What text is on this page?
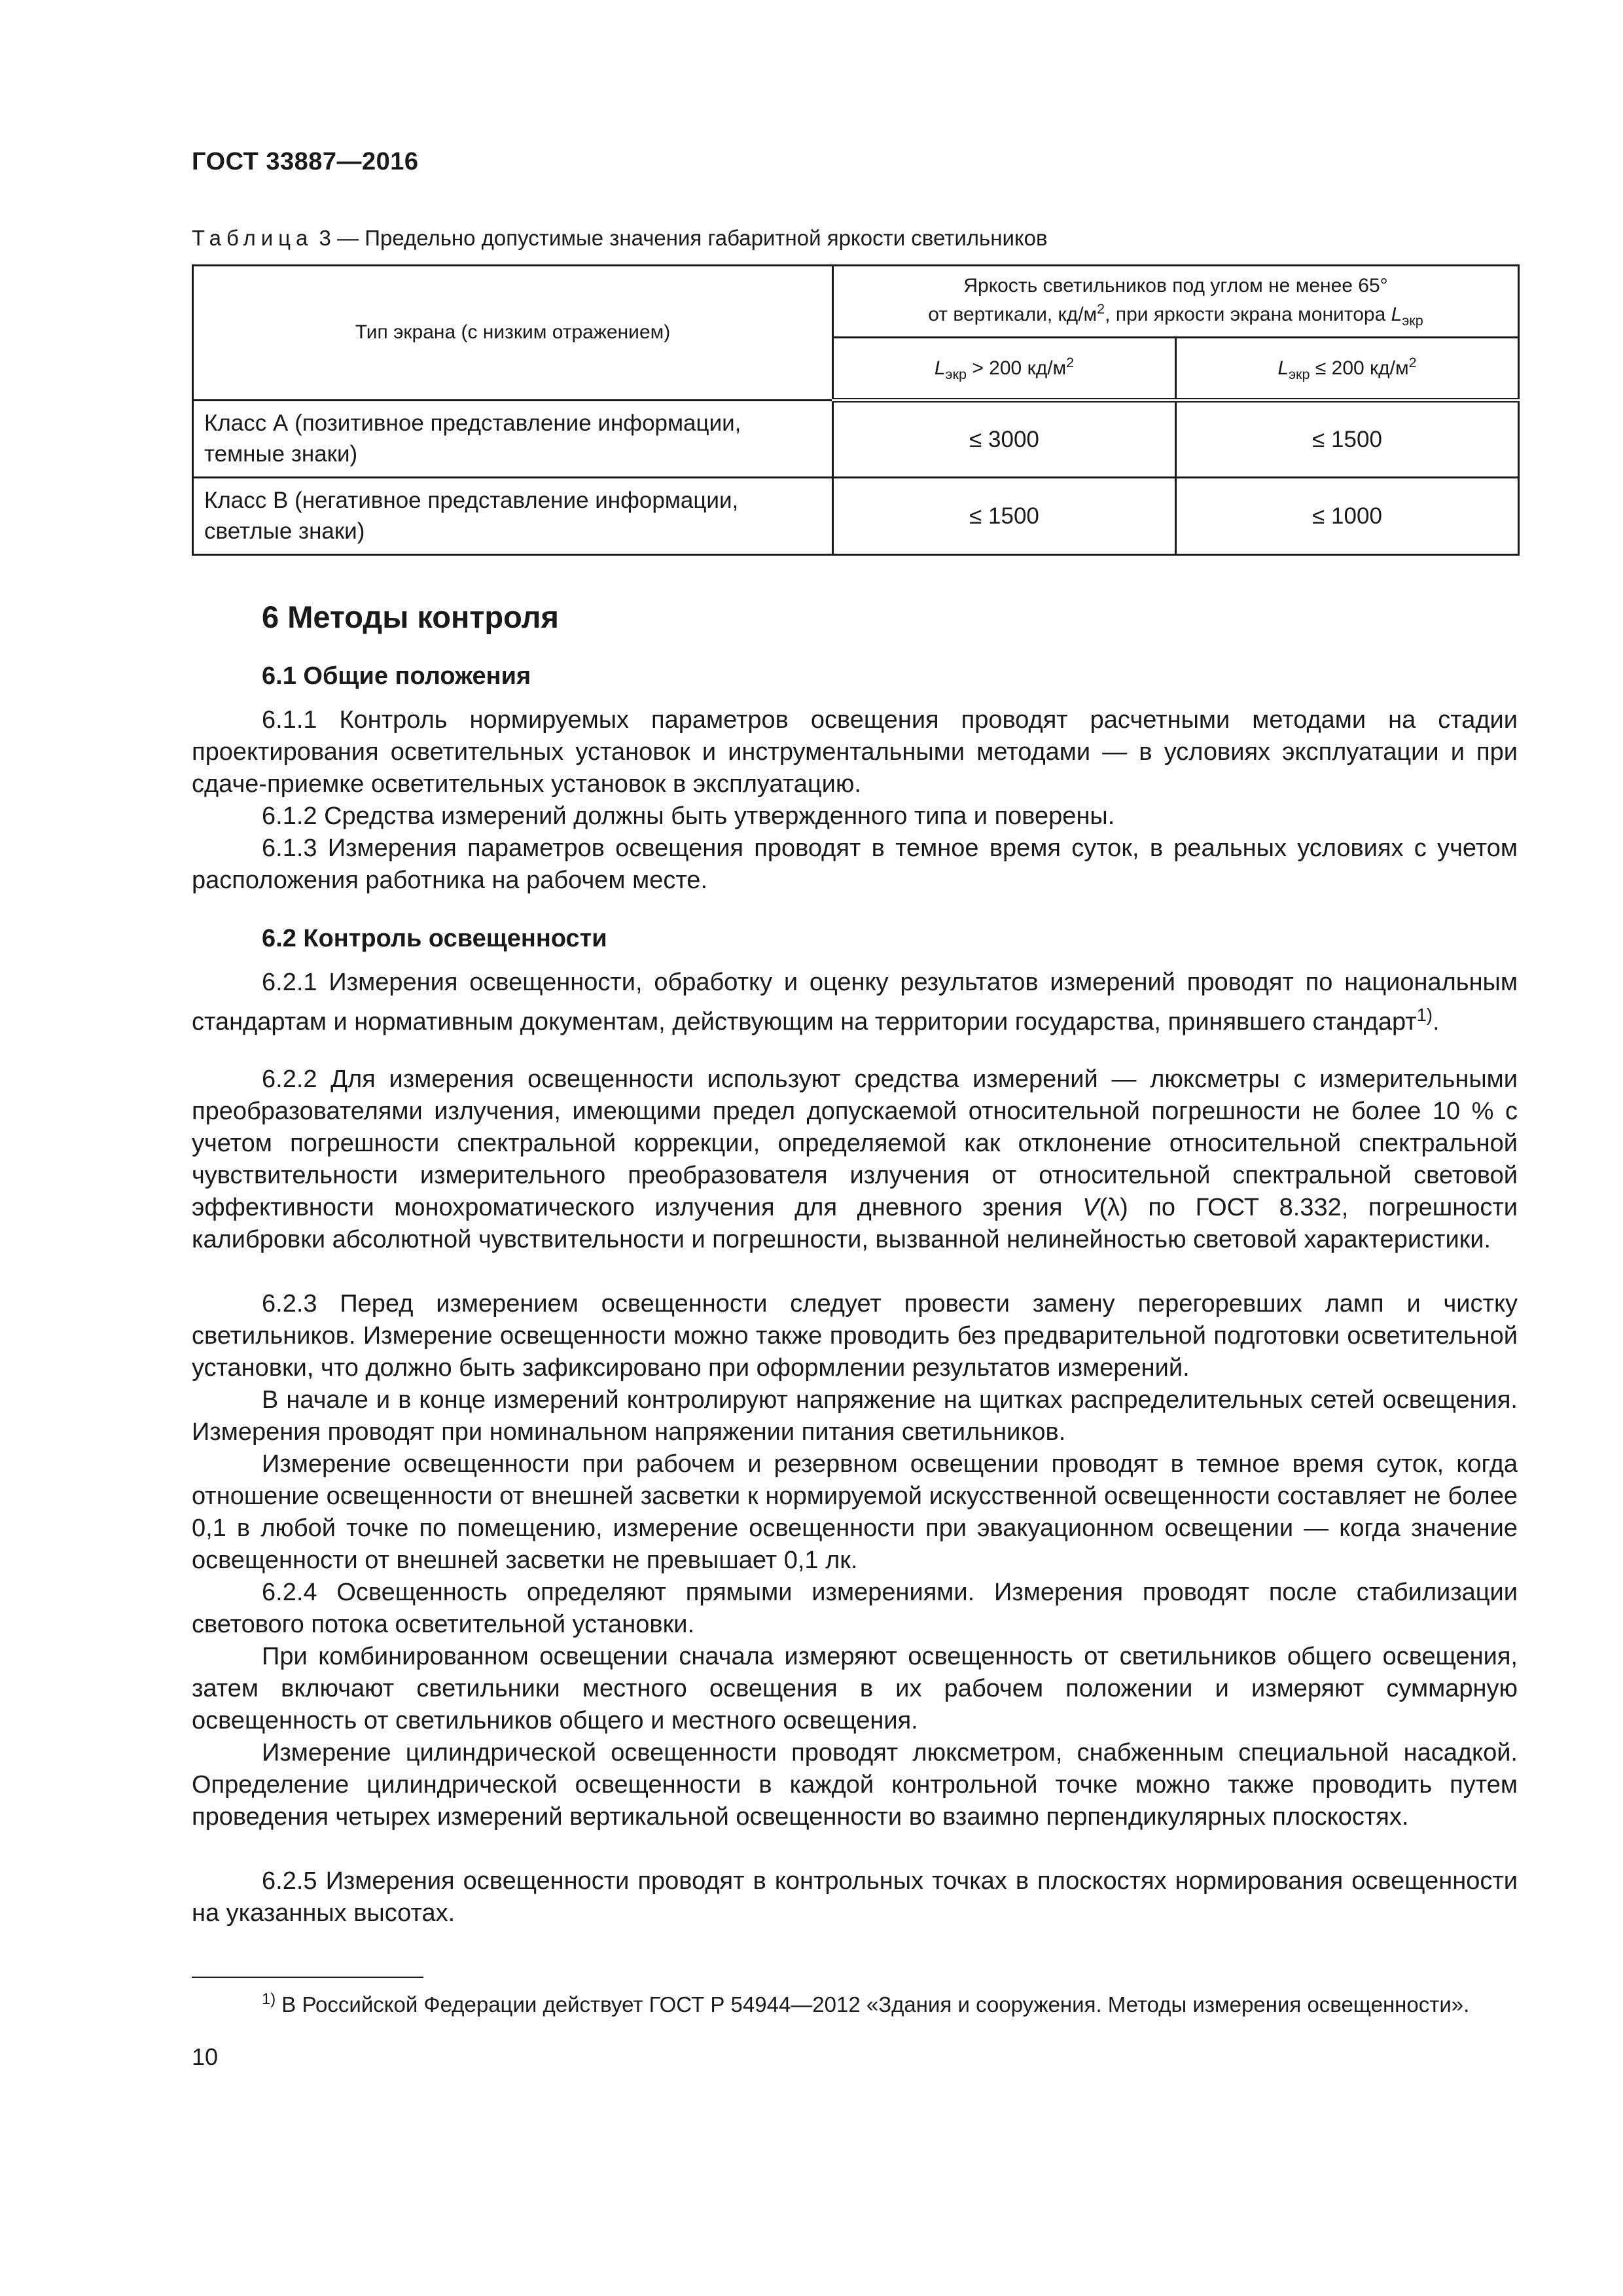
ГОСТ 33887—2016
Таблица 3 — Предельно допустимые значения габаритной яркости светильников
Тип экрана (с низким отражением)	Яркость светильников под углом не менее 65°
от вертикали, $кд/м^2$, при яркости экрана монитора $L_{экр}$
	$L_{экр} > 200$ $кд/м^2$	$L_{экр} \le 200$ $кд/м^2$
Класс А (позитивное представление информации, темные знаки)	≤ 3000	≤ 1500
Класс В (негативное представление информации, светлые знаки)	≤ 1500	≤ 1000
6 Методы контроля
6.1 Общие положения

6.1.1 Контроль нормируемых параметров освещения проводят расчетными методами на стадии проектирования осветительных установок и инструментальными методами — в условиях эксплуатации и при сдаче-приемке осветительных установок в эксплуатацию.

6.1.2 Средства измерений должны быть утвержденного типа и поверены.

6.1.3 Измерения параметров освещения проводят в темное время суток, в реальных условиях с учетом расположения работника на рабочем месте.

6.2 Контроль освещенности

6.2.1 Измерения освещенности, обработку и оценку результатов измерений проводят по национальным стандартам и нормативным документам, действующим на территории государства, принявшего стандарт$^{1)}$.

6.2.2 Для измерения освещенности используют средства измерений — люксметры с измерительными преобразователями излучения, имеющими предел допускаемой относительной погрешности не более 10 % с учетом погрешности спектральной коррекции, определяемой как отклонение относительной спектральной чувствительности измерительного преобразователя излучения от относительной спектральной световой эффективности монохроматического излучения для дневного зрения V(λ) по ГОСТ 8.332, погрешности калибровки абсолютной чувствительности и погрешности, вызванной нелинейностью световой характеристики.

6.2.3 Перед измерением освещенности следует провести замену перегоревших ламп и чистку светильников. Измерение освещенности можно также проводить без предварительной подготовки осветительной установки, что должно быть зафиксировано при оформлении результатов измерений.

В начале и в конце измерений контролируют напряжение на щитках распределительных сетей освещения. Измерения проводят при номинальном напряжении питания светильников.

Измерение освещенности при рабочем и резервном освещении проводят в темное время суток, когда отношение освещенности от внешней засветки к нормируемой искусственной освещенности составляет не более 0,1 в любой точке по помещению, измерение освещенности при эвакуационном освещении — когда значение освещенности от внешней засветки не превышает 0,1 лк.

6.2.4 Освещенность определяют прямыми измерениями. Измерения проводят после стабилизации светового потока осветительной установки.

При комбинированном освещении сначала измеряют освещенность от светильников общего освещения, затем включают светильники местного освещения в их рабочем положении и измеряют суммарную освещенность от светильников общего и местного освещения.

Измерение цилиндрической освещенности проводят люксметром, снабженным специальной насадкой. Определение цилиндрической освещенности в каждой контрольной точке можно также проводить путем проведения четырех измерений вертикальной освещенности во взаимно перпендикулярных плоскостях.

6.2.5 Измерения освещенности проводят в контрольных точках в плоскостях нормирования освещенности на указанных высотах.

$^{1)}$ В Российской Федерации действует ГОСТ Р 54944—2012 «Здания и сооружения. Методы измерения освещенности».
10
